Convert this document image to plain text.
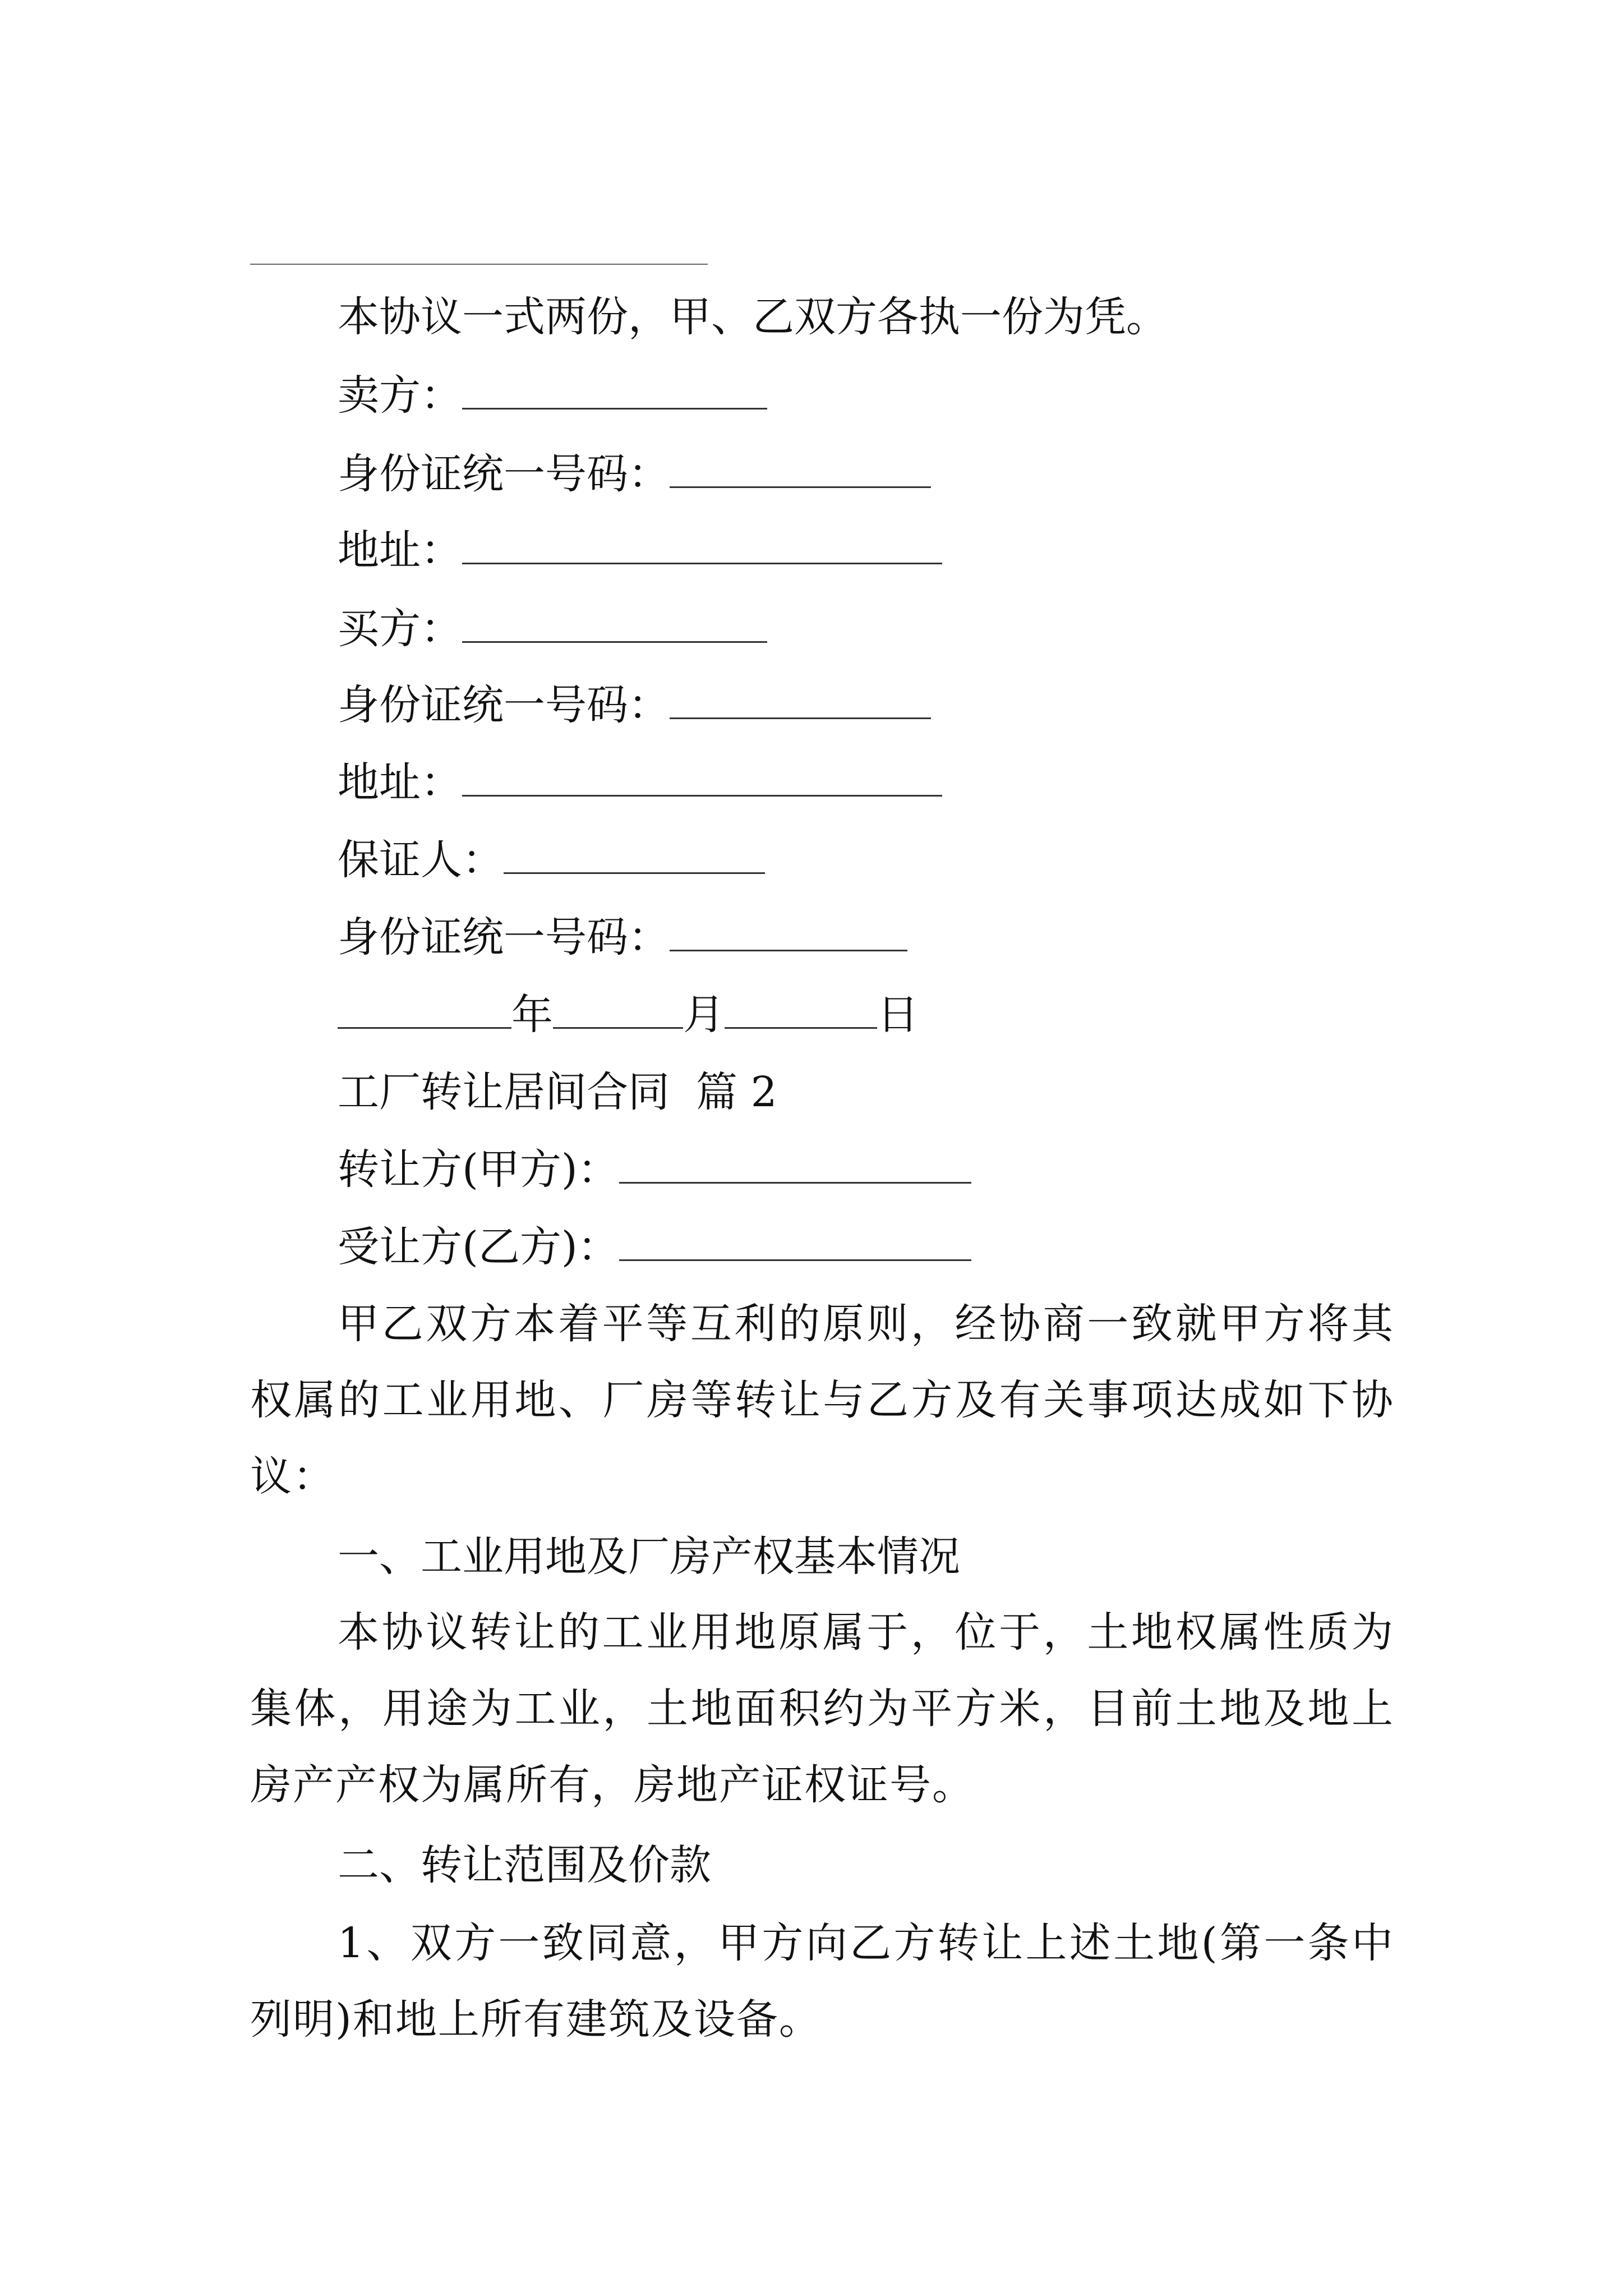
本协议一式两份，甲、乙双方各执一份为凭。
卖方：
身份证统一号码：
地址：
买方：
身份证统一号码：
地址：
保证人：
身份证统一号码：
年	月	日
工厂转让居间合同  篇 2
转让方(甲方)：
受让方(乙方)：
甲乙双方本着平等互利的原则，经协商一致就甲方将其权属的工业用地、厂房等转让与乙方及有关事项达成如下协议：
一、工业用地及厂房产权基本情况
本协议转让的工业用地原属于，位于，土地权属性质为集体，用途为工业，土地面积约为平方米，目前土地及地上房产产权为属所有，房地产证权证号。
二、转让范围及价款
1、双方一致同意，甲方向乙方转让上述土地(第一条中列明)和地上所有建筑及设备。
